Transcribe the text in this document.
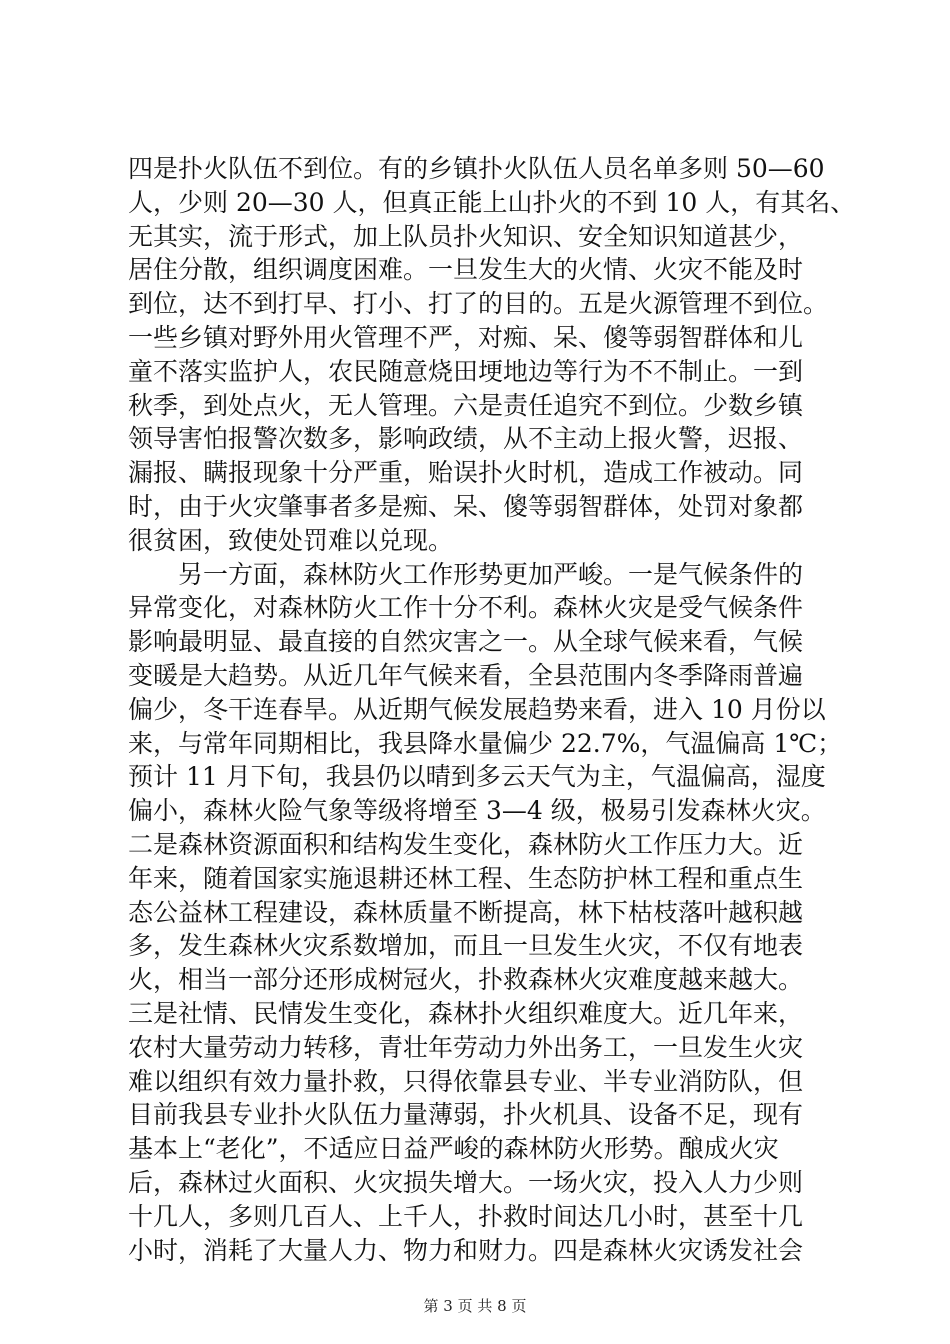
四是扑火队伍不到位。有的乡镇扑火队伍人员名单多则 50—60
人，少则 20—30 人，但真正能上山扑火的不到 10 人，有其名、
无其实，流于形式，加上队员扑火知识、安全知识知道甚少，
居住分散，组织调度困难。一旦发生大的火情、火灾不能及时
到位，达不到打早、打小、打了的目的。五是火源管理不到位。
一些乡镇对野外用火管理不严，对痴、呆、傻等弱智群体和儿
童不落实监护人，农民随意烧田埂地边等行为不不制止。一到
秋季，到处点火，无人管理。六是责任追究不到位。少数乡镇
领导害怕报警次数多，影响政绩，从不主动上报火警，迟报、
漏报、瞒报现象十分严重，贻误扑火时机，造成工作被动。同
时，由于火灾肇事者多是痴、呆、傻等弱智群体，处罚对象都
很贫困，致使处罚难以兑现。
另一方面，森林防火工作形势更加严峻。一是气候条件的
异常变化，对森林防火工作十分不利。森林火灾是受气候条件
影响最明显、最直接的自然灾害之一。从全球气候来看，气候
变暖是大趋势。从近几年气候来看，全县范围内冬季降雨普遍
偏少，冬干连春旱。从近期气候发展趋势来看，进入 10 月份以
来，与常年同期相比，我县降水量偏少 22.7%，气温偏高 1℃；
预计 11 月下旬，我县仍以晴到多云天气为主，气温偏高，湿度
偏小，森林火险气象等级将增至 3—4 级，极易引发森林火灾。
二是森林资源面积和结构发生变化，森林防火工作压力大。近
年来，随着国家实施退耕还林工程、生态防护林工程和重点生
态公益林工程建设，森林质量不断提高，林下枯枝落叶越积越
多，发生森林火灾系数增加，而且一旦发生火灾，不仅有地表
火，相当一部分还形成树冠火，扑救森林火灾难度越来越大。
三是社情、民情发生变化，森林扑火组织难度大。近几年来，
农村大量劳动力转移，青壮年劳动力外出务工，一旦发生火灾
难以组织有效力量扑救，只得依靠县专业、半专业消防队，但
目前我县专业扑火队伍力量薄弱，扑火机具、设备不足，现有
基本上“老化”，不适应日益严峻的森林防火形势。酿成火灾
后，森林过火面积、火灾损失增大。一场火灾，投入人力少则
十几人，多则几百人、上千人，扑救时间达几小时，甚至十几
小时，消耗了大量人力、物力和财力。四是森林火灾诱发社会
第 3 页 共 8 页
